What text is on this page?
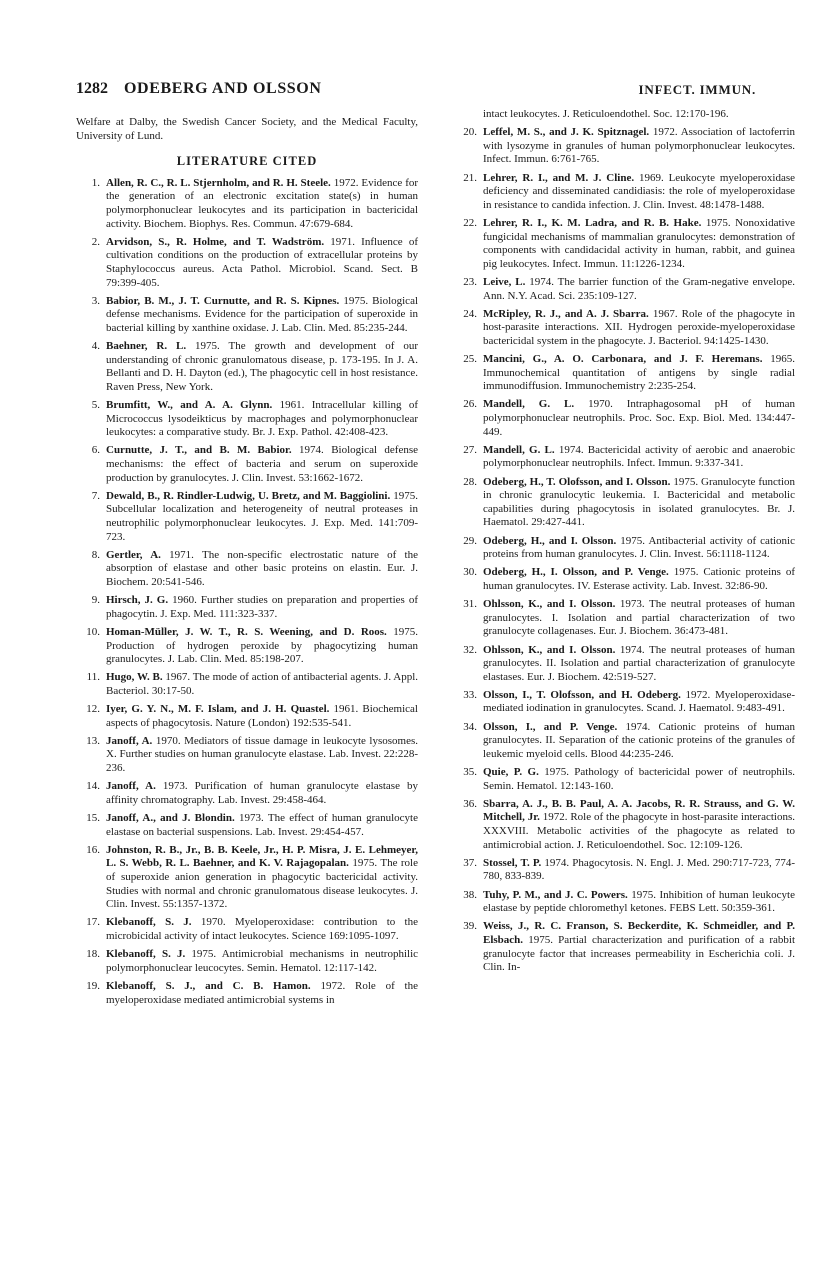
1282 ODEBERG AND OLSSON	INFECT. IMMUN.

Welfare at Dalby, the Swedish Cancer Society, and the Medical Faculty, University of Lund.

LITERATURE CITED

1. Allen, R. C., R. L. Stjernholm, and R. H. Steele. 1972. Evidence for the generation of an electronic excitation state(s) in human polymorphonuclear leukocytes and its participation in bactericidal activity. Biochem. Biophys. Res. Commun. 47:679-684.

2. Arvidson, S., R. Holme, and T. Wadström. 1971. Influence of cultivation conditions on the production of extracellular proteins by Staphylococcus aureus. Acta Pathol. Microbiol. Scand. Sect. B 79:399-405.

3. Babior, B. M., J. T. Curnutte, and R. S. Kipnes. 1975. Biological defense mechanisms. Evidence for the participation of superoxide in bacterial killing by xanthine oxidase. J. Lab. Clin. Med. 85:235-244.

4. Baehner, R. L. 1975. The growth and development of our understanding of chronic granulomatous disease, p. 173-195. In J. A. Bellanti and D. H. Dayton (ed.), The phagocytic cell in host resistance. Raven Press, New York.

5. Brumfitt, W., and A. A. Glynn. 1961. Intracellular killing of Micrococcus lysodeikticus by macrophages and polymorphonuclear leukocytes: a comparative study. Br. J. Exp. Pathol. 42:408-423.

6. Curnutte, J. T., and B. M. Babior. 1974. Biological defense mechanisms: the effect of bacteria and serum on superoxide production by granulocytes. J. Clin. Invest. 53:1662-1672.

7. Dewald, B., R. Rindler-Ludwig, U. Bretz, and M. Baggiolini. 1975. Subcellular localization and heterogeneity of neutral proteases in neutrophilic polymorphonuclear leukocytes. J. Exp. Med. 141:709-723.

8. Gertler, A. 1971. The non-specific electrostatic nature of the absorption of elastase and other basic proteins on elastin. Eur. J. Biochem. 20:541-546.

9. Hirsch, J. G. 1960. Further studies on preparation and properties of phagocytin. J. Exp. Med. 111:323-337.

10. Homan-Müller, J. W. T., R. S. Weening, and D. Roos. 1975. Production of hydrogen peroxide by phagocytizing human granulocytes. J. Lab. Clin. Med. 85:198-207.

11. Hugo, W. B. 1967. The mode of action of antibacterial agents. J. Appl. Bacteriol. 30:17-50.

12. Iyer, G. Y. N., M. F. Islam, and J. H. Quastel. 1961. Biochemical aspects of phagocytosis. Nature (London) 192:535-541.

13. Janoff, A. 1970. Mediators of tissue damage in leukocyte lysosomes. X. Further studies on human granulocyte elastase. Lab. Invest. 22:228-236.

14. Janoff, A. 1973. Purification of human granulocyte elastase by affinity chromatography. Lab. Invest. 29:458-464.

15. Janoff, A., and J. Blondin. 1973. The effect of human granulocyte elastase on bacterial suspensions. Lab. Invest. 29:454-457.

16. Johnston, R. B., Jr., B. B. Keele, Jr., H. P. Misra, J. E. Lehmeyer, L. S. Webb, R. L. Baehner, and K. V. Rajagopalan. 1975. The role of superoxide anion generation in phagocytic bactericidal activity. Studies with normal and chronic granulomatous disease leukocytes. J. Clin. Invest. 55:1357-1372.

17. Klebanoff, S. J. 1970. Myeloperoxidase: contribution to the microbicidal activity of intact leukocytes. Science 169:1095-1097.

18. Klebanoff, S. J. 1975. Antimicrobial mechanisms in neutrophilic polymorphonuclear leucocytes. Semin. Hematol. 12:117-142.

19. Klebanoff, S. J., and C. B. Hamon. 1972. Role of the myeloperoxidase mediated antimicrobial systems in

intact leukocytes. J. Reticuloendothel. Soc. 12:170-196.

20. Leffel, M. S., and J. K. Spitznagel. 1972. Association of lactoferrin with lysozyme in granules of human polymorphonuclear leukocytes. Infect. Immun. 6:761-765.

21. Lehrer, R. I., and M. J. Cline. 1969. Leukocyte myeloperoxidase deficiency and disseminated candidiasis: the role of myeloperoxidase in resistance to candida infection. J. Clin. Invest. 48:1478-1488.

22. Lehrer, R. I., K. M. Ladra, and R. B. Hake. 1975. Nonoxidative fungicidal mechanisms of mammalian granulocytes: demonstration of components with candidacidal activity in human, rabbit, and guinea pig leukocytes. Infect. Immun. 11:1226-1234.

23. Leive, L. 1974. The barrier function of the Gram-negative envelope. Ann. N.Y. Acad. Sci. 235:109-127.

24. McRipley, R. J., and A. J. Sbarra. 1967. Role of the phagocyte in host-parasite interactions. XII. Hydrogen peroxide-myeloperoxidase bactericidal system in the phagocyte. J. Bacteriol. 94:1425-1430.

25. Mancini, G., A. O. Carbonara, and J. F. Heremans. 1965. Immunochemical quantitation of antigens by single radial immunodiffusion. Immunochemistry 2:235-254.

26. Mandell, G. L. 1970. Intraphagosomal pH of human polymorphonuclear neutrophils. Proc. Soc. Exp. Biol. Med. 134:447-449.

27. Mandell, G. L. 1974. Bactericidal activity of aerobic and anaerobic polymorphonuclear neutrophils. Infect. Immun. 9:337-341.

28. Odeberg, H., T. Olofsson, and I. Olsson. 1975. Granulocyte function in chronic granulocytic leukemia. I. Bactericidal and metabolic capabilities during phagocytosis in isolated granulocytes. Br. J. Haematol. 29:427-441.

29. Odeberg, H., and I. Olsson. 1975. Antibacterial activity of cationic proteins from human granulocytes. J. Clin. Invest. 56:1118-1124.

30. Odeberg, H., I. Olsson, and P. Venge. 1975. Cationic proteins of human granulocytes. IV. Esterase activity. Lab. Invest. 32:86-90.

31. Ohlsson, K., and I. Olsson. 1973. The neutral proteases of human granulocytes. I. Isolation and partial characterization of two granulocyte collagenases. Eur. J. Biochem. 36:473-481.

32. Ohlsson, K., and I. Olsson. 1974. The neutral proteases of human granulocytes. II. Isolation and partial characterization of granulocyte elastases. Eur. J. Biochem. 42:519-527.

33. Olsson, I., T. Olofsson, and H. Odeberg. 1972. Myeloperoxidase-mediated iodination in granulocytes. Scand. J. Haematol. 9:483-491.

34. Olsson, I., and P. Venge. 1974. Cationic proteins of human granulocytes. II. Separation of the cationic proteins of the granules of leukemic myeloid cells. Blood 44:235-246.

35. Quie, P. G. 1975. Pathology of bactericidal power of neutrophils. Semin. Hematol. 12:143-160.

36. Sbarra, A. J., B. B. Paul, A. A. Jacobs, R. R. Strauss, and G. W. Mitchell, Jr. 1972. Role of the phagocyte in host-parasite interactions. XXXVIII. Metabolic activities of the phagocyte as related to antimicrobial action. J. Reticuloendothel. Soc. 12:109-126.

37. Stossel, T. P. 1974. Phagocytosis. N. Engl. J. Med. 290:717-723, 774-780, 833-839.

38. Tuhy, P. M., and J. C. Powers. 1975. Inhibition of human leukocyte elastase by peptide chloromethyl ketones. FEBS Lett. 50:359-361.

39. Weiss, J., R. C. Franson, S. Beckerdite, K. Schmeidler, and P. Elsbach. 1975. Partial characterization and purification of a rabbit granulocyte factor that increases permeability in Escherichia coli. J. Clin. In-
